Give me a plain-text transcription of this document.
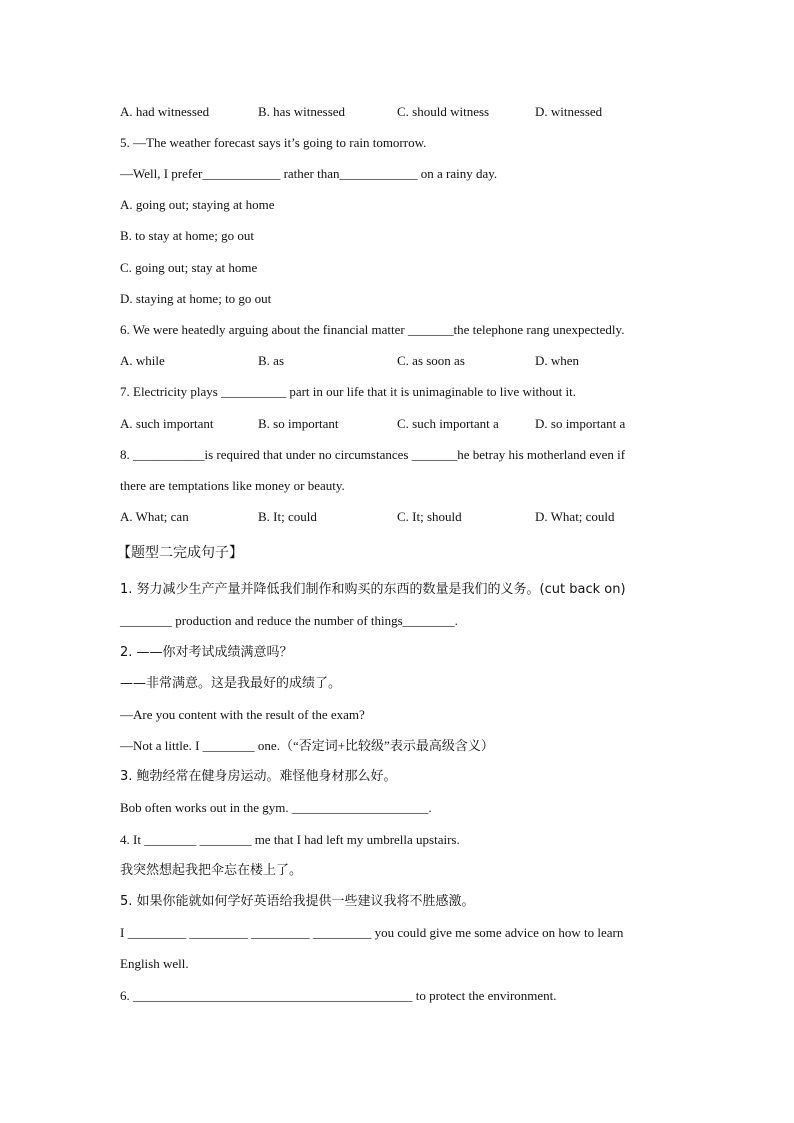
A. had witnessed	B. has witnessed	C. should witness	D. witnessed
5. —The weather forecast says it’s going to rain tomorrow.
—Well, I prefer____________ rather than____________ on a rainy day.
A. going out; staying at home
B. to stay at home; go out
C. going out; stay at home
D. staying at home; to go out
6. We were heatedly arguing about the financial matter _______the telephone rang unexpectedly.
A. while	B. as	C. as soon as	D. when
7. Electricity plays __________ part in our life that it is unimaginable to live without it.
A. such important	B. so important	C. such important a	D. so important a
8. ___________is required that under no circumstances _______he betray his motherland even if
there are temptations like money or beauty.
A. What; can	B. It; could	C. It; should	D. What; could
【题型二完成句子】
1. 努力减少生产产量并降低我们制作和购买的东西的数量是我们的义务。(cut back on)
________ production and reduce the number of things________.
2. ——你对考试成绩满意吗？
——非常满意。这是我最好的成绩了。
—Are you content with the result of the exam?
—Not a little. I ________ one.（“否定词+比较级”表示最高级含义）
3. 鲍勃经常在健身房运动。难怪他身材那么好。
Bob often works out in the gym. _____________________.
4. It ________ ________ me that I had left my umbrella upstairs.
我突然想起我把伞忘在楼上了。
5. 如果你能就如何学好英语给我提供一些建议我将不胜感激。
I _________ _________ _________ _________ you could give me some advice on how to learn
English well.
6. ___________________________________________ to protect the environment.
